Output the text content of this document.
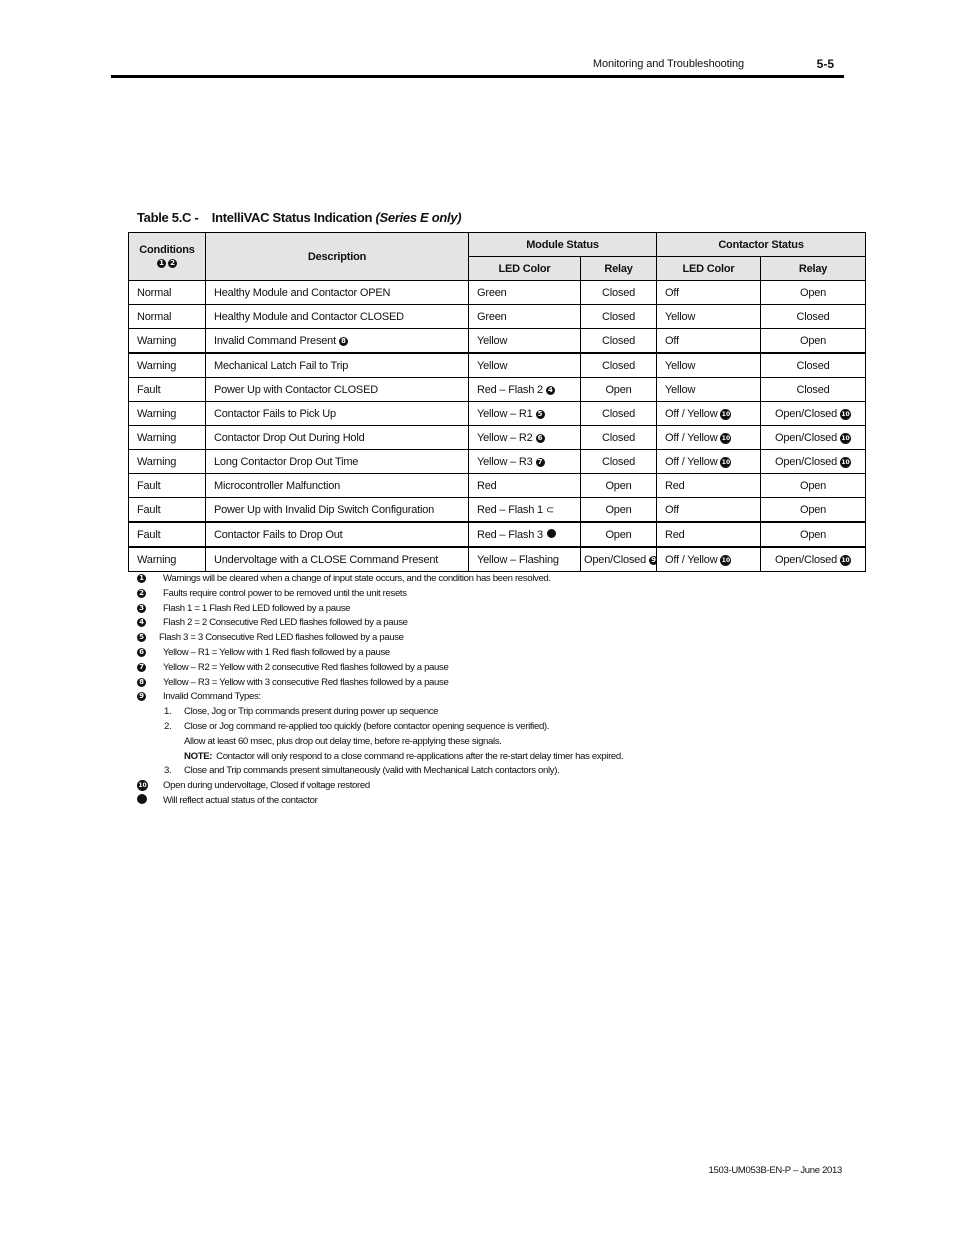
Monitoring and Troubleshooting	5-5
Table 5.C - IntelliVAC Status Indication (Series E only)
Conditions
1 2	Description	Module Status		Contactor Status	
		LED Color	Relay	LED Color	Relay
Normal	Healthy Module and Contactor OPEN	Green	Closed	Off	Open
Normal	Healthy Module and Contactor CLOSED	Green	Closed	Yellow	Closed
Warning	Invalid Command Present 8	Yellow	Closed	Off	Open
Warning	Mechanical Latch Fail to Trip	Yellow	Closed	Yellow	Closed
Fault	Power Up with Contactor CLOSED	Red – Flash 2 4	Open	Yellow	Closed
Warning	Contactor Fails to Pick Up	Yellow – R1 5	Closed	Off / Yellow 10	Open/Closed 10
Warning	Contactor Drop Out During Hold	Yellow – R2 6	Closed	Off / Yellow 10	Open/Closed 10
Warning	Long Contactor Drop Out Time	Yellow – R3 7	Closed	Off / Yellow 10	Open/Closed 10
Fault	Microcontroller Malfunction	Red	Open	Red	Open
Fault	Power Up with Invalid Dip Switch Configuration	Red – Flash 1 ⊂	Open	Off	Open
Fault	Contactor Fails to Drop Out	Red – Flash 3	Open	Red	Open
Warning	Undervoltage with a CLOSE Command Present	Yellow – Flashing	Open/Closed 9	Off / Yellow 10	Open/Closed 10
1 Warnings will be cleared when a change of input state occurs, and the condition has been resolved.
2 Faults require control power to be removed until the unit resets
3 Flash 1 = 1 Flash Red LED followed by a pause
4 Flash 2 = 2 Consecutive Red LED flashes followed by a pause
5 Flash 3 = 3 Consecutive Red LED flashes followed by a pause
6 Yellow – R1 = Yellow with 1 Red flash followed by a pause
7 Yellow – R2 = Yellow with 2 consecutive Red flashes followed by a pause
8 Yellow – R3 = Yellow with 3 consecutive Red flashes followed by a pause
9 Invalid Command Types:
1. Close, Jog or Trip commands present during power up sequence
2. Close or Jog command re-applied too quickly (before contactor opening sequence is verified).
Allow at least 60 msec, plus drop out delay time, before re-applying these signals.
NOTE: Contactor will only respond to a close command re-applications after the re-start delay timer has expired.
3. Close and Trip commands present simultaneously (valid with Mechanical Latch contactors only).
10 Open during undervoltage, Closed if voltage restored
Will reflect actual status of the contactor
1503-UM053B-EN-P – June 2013
